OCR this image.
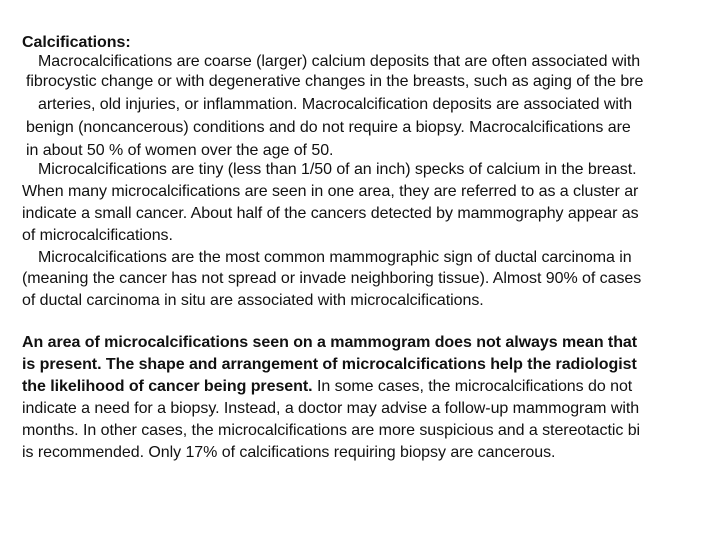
Calcifications:
Macrocalcifications are coarse (larger) calcium deposits that are often associated with
fibrocystic change or with degenerative changes in the breasts, such as aging of the bre
arteries, old injuries, or inflammation. Macrocalcification deposits are associated with
benign (noncancerous) conditions and do not require a biopsy. Macrocalcifications are
in about 50 % of women over the age of 50.
Microcalcifications are tiny (less than 1/50 of an inch) specks of calcium in the breast.
When many microcalcifications are seen in one area, they are referred to as a cluster ar
indicate a small cancer. About half of the cancers detected by mammography appear as
of microcalcifications.
Microcalcifications are the most common mammographic sign of ductal carcinoma in
(meaning the cancer has not spread or invade neighboring tissue). Almost 90% of cases
of ductal carcinoma in situ are associated with microcalcifications.
An area of microcalcifications seen on a mammogram does not always mean that
is present. The shape and arrangement of microcalcifications help the radiologist
the likelihood of cancer being present. In some cases, the microcalcifications do not
indicate a need for a biopsy. Instead, a doctor may advise a follow-up mammogram with
months. In other cases, the microcalcifications are more suspicious and a stereotactic bi
is recommended. Only 17% of calcifications requiring biopsy are cancerous.
